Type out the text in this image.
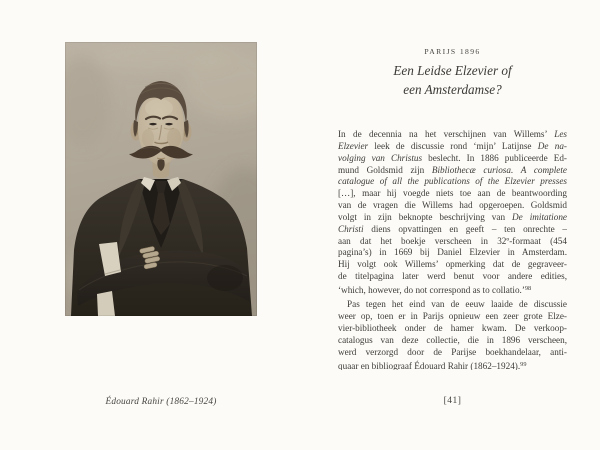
Édouard Rahir (1862–1924)
PARIJS 1896
Een Leidse Elzevier of
een Amsterdamse?
In de decennia na het verschijnen van Willems’ Les
Elzevier leek de discussie rond ‘mijn’ Latijnse De na-
volging van Christus beslecht. In 1886 publiceerde Ed-
mund Goldsmid zijn Bibliothecæ curiosa. A complete
catalogue of all the publications of the Elzevier presses
[…], maar hij voegde niets toe aan de beantwoording
van de vragen die Willems had opgeroepen. Goldsmid
volgt in zijn beknopte beschrijving van De imitatione
Christi diens opvattingen en geeft – ten onrechte –
aan dat het boekje verscheen in 32º-formaat (454
pagina’s) in 1669 bij Daniel Elzevier in Amsterdam.
Hij volgt ook Willems’ opmerking dat de gegraveer-
de titelpagina later werd benut voor andere edities,
‘which, however, do not correspond as to collatio.’$^{98}$
Pas tegen het eind van de eeuw laaide de discussie
weer op, toen er in Parijs opnieuw een zeer grote Elze-
vier-bibliotheek onder de hamer kwam. De verkoop-
catalogus van deze collectie, die in 1896 verscheen,
werd verzorgd door de Parijse boekhandelaar, anti-
quaar en bibliograaf Édouard Rahir (1862–1924).$^{99}$
[41]
